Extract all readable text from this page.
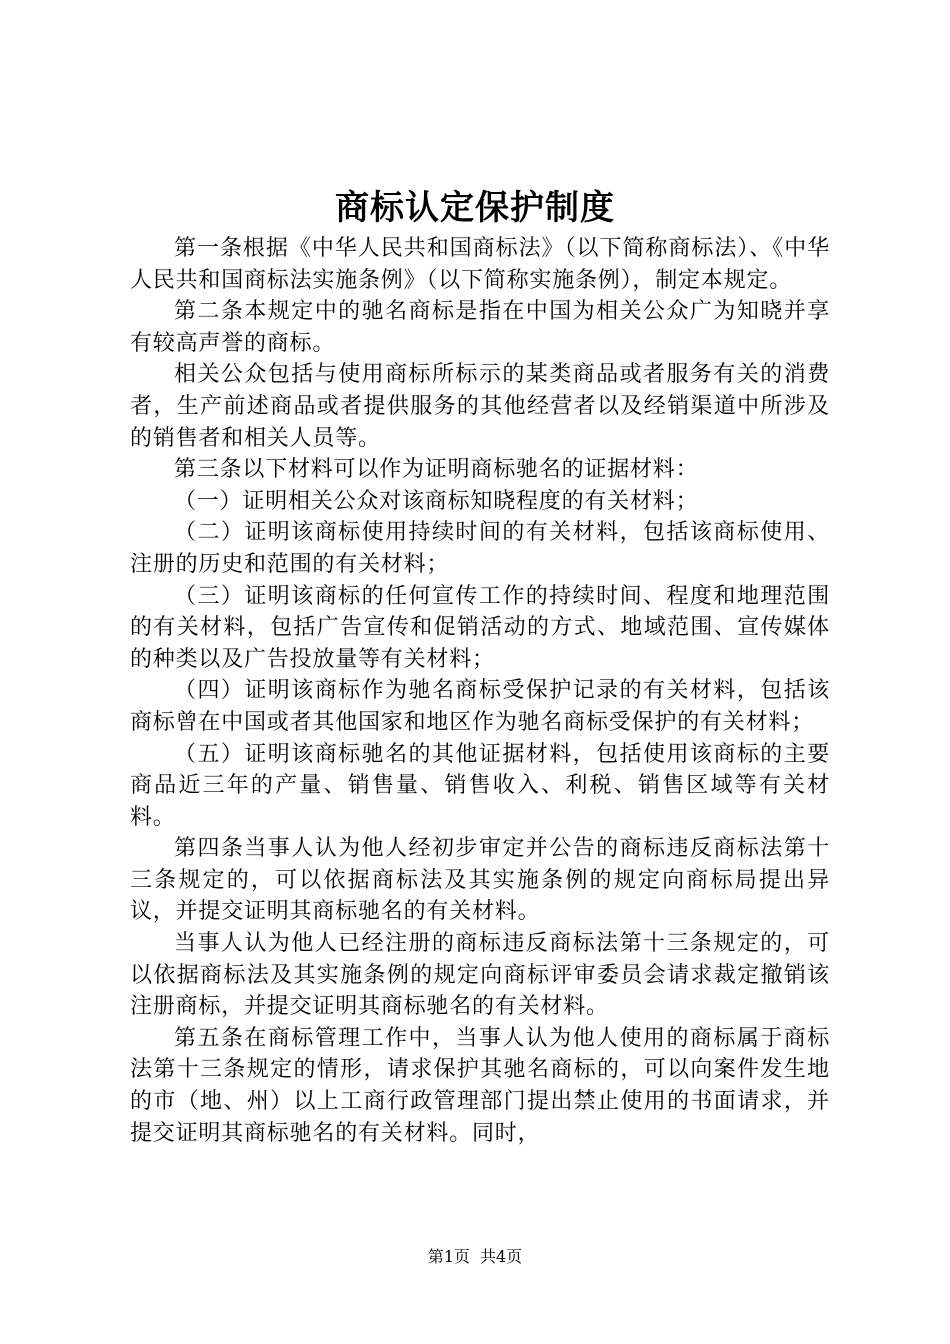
商标认定保护制度

第一条根据《中华人民共和国商标法》（以下简称商标法）、《中华人民共和国商标法实施条例》（以下简称实施条例），制定本规定。

第二条本规定中的驰名商标是指在中国为相关公众广为知晓并享有较高声誉的商标。

相关公众包括与使用商标所标示的某类商品或者服务有关的消费者，生产前述商品或者提供服务的其他经营者以及经销渠道中所涉及的销售者和相关人员等。

第三条以下材料可以作为证明商标驰名的证据材料：

（一）证明相关公众对该商标知晓程度的有关材料；

（二）证明该商标使用持续时间的有关材料，包括该商标使用、注册的历史和范围的有关材料；

（三）证明该商标的任何宣传工作的持续时间、程度和地理范围的有关材料，包括广告宣传和促销活动的方式、地域范围、宣传媒体的种类以及广告投放量等有关材料；

（四）证明该商标作为驰名商标受保护记录的有关材料，包括该商标曾在中国或者其他国家和地区作为驰名商标受保护的有关材料；

（五）证明该商标驰名的其他证据材料，包括使用该商标的主要商品近三年的产量、销售量、销售收入、利税、销售区域等有关材料。

第四条当事人认为他人经初步审定并公告的商标违反商标法第十三条规定的，可以依据商标法及其实施条例的规定向商标局提出异议，并提交证明其商标驰名的有关材料。

当事人认为他人已经注册的商标违反商标法第十三条规定的，可以依据商标法及其实施条例的规定向商标评审委员会请求裁定撤销该注册商标，并提交证明其商标驰名的有关材料。

第五条在商标管理工作中，当事人认为他人使用的商标属于商标法第十三条规定的情形，请求保护其驰名商标的，可以向案件发生地的市（地、州）以上工商行政管理部门提出禁止使用的书面请求，并提交证明其商标驰名的有关材料。同时，

第1页 共4页
